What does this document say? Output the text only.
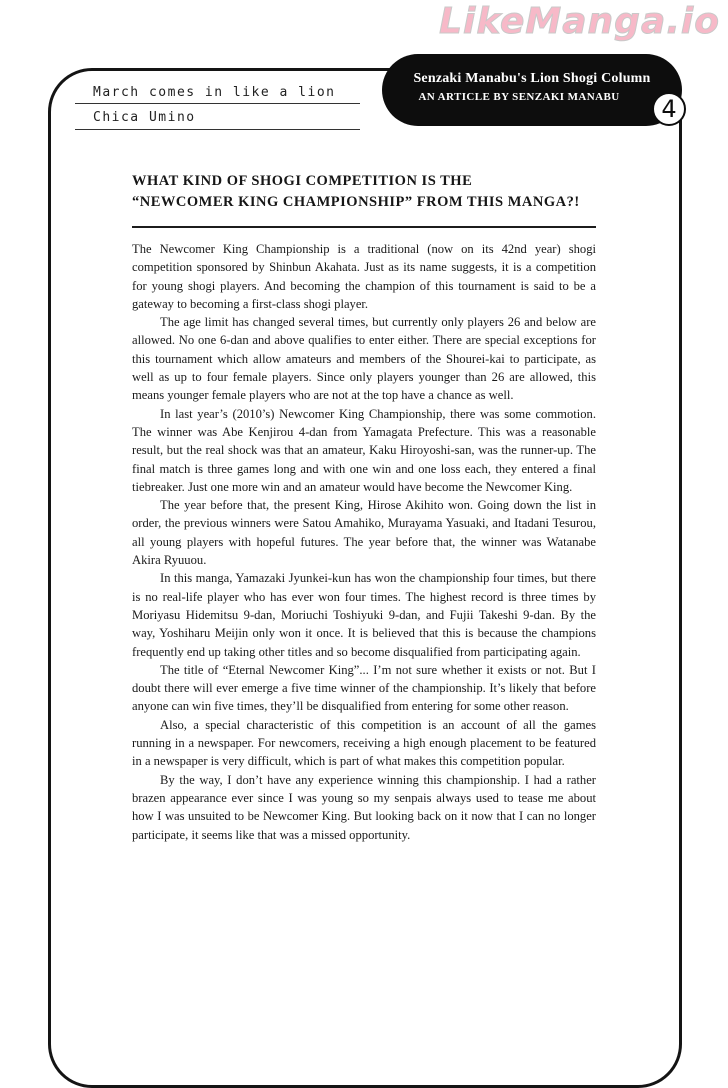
LikeManga.io
March comes in like a lion
Chica Umino
Senzaki Manabu's Lion Shogi Column
AN ARTICLE BY SENZAKI MANABU	4
WHAT KIND OF SHOGI COMPETITION IS THE
“NEWCOMER KING CHAMPIONSHIP” FROM THIS MANGA?!

The Newcomer King Championship is a traditional (now on its 42nd year) shogi competition sponsored by Shinbun Akahata. Just as its name suggests, it is a competition for young shogi players. And becoming the champion of this tournament is said to be a gateway to becoming a first-class shogi player.

The age limit has changed several times, but currently only players 26 and below are allowed. No one 6-dan and above qualifies to enter either. There are special exceptions for this tournament which allow amateurs and members of the Shourei-kai to participate, as well as up to four female players. Since only players younger than 26 are allowed, this means younger female players who are not at the top have a chance as well.

In last year’s (2010’s) Newcomer King Championship, there was some commotion. The winner was Abe Kenjirou 4-dan from Yamagata Prefecture. This was a reasonable result, but the real shock was that an amateur, Kaku Hiroyoshi-san, was the runner-up. The final match is three games long and with one win and one loss each, they entered a final tiebreaker. Just one more win and an amateur would have become the Newcomer King.

The year before that, the present King, Hirose Akihito won. Going down the list in order, the previous winners were Satou Amahiko, Murayama Yasuaki, and Itadani Tesurou, all young players with hopeful futures. The year before that, the winner was Watanabe Akira Ryuuou.

In this manga, Yamazaki Jyunkei-kun has won the championship four times, but there is no real-life player who has ever won four times. The highest record is three times by Moriyasu Hidemitsu 9-dan, Moriuchi Toshiyuki 9-dan, and Fujii Takeshi 9-dan. By the way, Yoshiharu Meijin only won it once. It is believed that this is because the champions frequently end up taking other titles and so become disqualified from participating again.

The title of “Eternal Newcomer King”... I’m not sure whether it exists or not. But I doubt there will ever emerge a five time winner of the championship. It’s likely that before anyone can win five times, they’ll be disqualified from entering for some other reason.

Also, a special characteristic of this competition is an account of all the games running in a newspaper. For newcomers, receiving a high enough placement to be featured in a newspaper is very difficult, which is part of what makes this competition popular.

By the way, I don’t have any experience winning this championship. I had a rather brazen appearance ever since I was young so my senpais always used to tease me about how I was unsuited to be Newcomer King. But looking back on it now that I can no longer participate, it seems like that was a missed opportunity.
